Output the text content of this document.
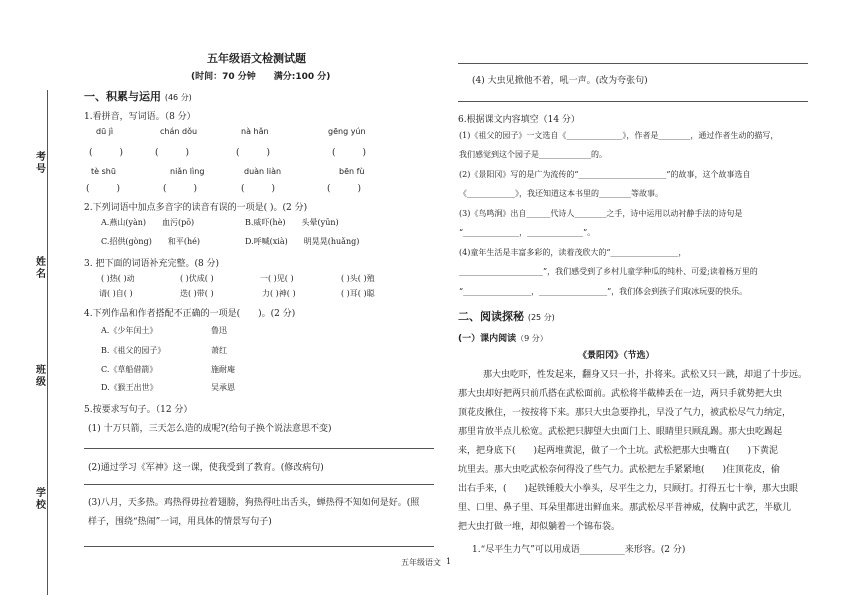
考号
姓名
班级
学校
五年级语文检测试题
(时间：70 分钟　　满分:100 分)
一、积累与运用 (46 分)
1.看拼音，写词语。（8 分）
dū jì	chán dǒu	nà hǎn	gēng yún
(　　　)	(　　　)	(　　　)	(　　　)
tè shū	niǎn lìng	duàn liàn	bēn fù
(　　　)	(　　　)	(　　　)	(　　　)
2.下列词语中加点多音字的读音有误的一项是( )。(2 分)
A.燕山(yàn)　　血污(pō)	B.威吓(hè)　　头晕(yūn)
C.招供(gòng)　　和平(hé)	D.呼喊(xià)　　明晃晃(huǎng)
3. 把下面的词语补充完整。(8 分)
( )热( )动	( )伏成( )	一( )见( )	( )头( )殖
请( )自( )	迭( )带( )	力( )神( )	( )耳( )聪
4.下列作品和作者搭配不正确的一项是(　　)。(2 分)
A.《少年闰土》	鲁迅
B.《祖父的园子》	萧红
C.《草船借箭》	施耐庵
D.《猴王出世》	吴承恩
5.按要求写句子。（12 分）
(1) 十万只箭，三天怎么造的成呢?(给句子换个说法意思不变)
(2)通过学习《军神》这一课，使我受到了教育。(修改病句)
(3)八月，天多热。鸡热得毋拉着翅膀，狗热得吐出舌头，蝉热得不知如何是好。(照
样子，围绕“热闹”一词，用具体的情景写句子)
(4) 大虫见掀他不着，吼一声。(改为夸张句)
6.根据课文内容填空（14 分）
(1)《祖父的园子》一文选自《______________》，作者是________，通过作者生动的描写，
我们感觉到这个园子是_____________的。
(2)《景阳冈》写的是广为流传的“______________________”的故事，这个故事选自
《____________》，我还知道这本书里的________等故事。
(3)《鸟鸣涧》出自______代诗人________之手，诗中运用以动衬静手法的诗句是
“______________，______________”。
(4)童年生活是丰富多彩的，读着茂欣大的“_________________，
_____________________”，我们感受到了乡村儿童学种瓜的纯朴、可爱;读着杨万里的
“_________________，_________________”，我们体会到孩子们取冰玩耍的快乐。
二、阅读探秘 (25 分)
(一）课内阅读（9 分）
《景阳冈》（节选）
那大虫吃吓，性发起来，翻身又只一扑，扑将来。武松又只一跳，却退了十步远。
那大虫却好把两只前爪搭在武松面前。武松将半截棒丢在一边，两只手就势把大虫
顶花皮揪住，一按按将下来。那只大虫急要挣扎，早没了气力，被武松尽气力纳定，
那里肯放半点儿松宽。武松把只脚望大虫面门上、眼睛里只顾乱踢。那大虫吃踢起
来，把身底下(　　)起两堆黄泥，做了一个土坑。武松把那大虫嘴直(　　)下黄泥
坑里去。那大虫吃武松奈何得没了些气力。武松把左手紧紧地(　　)住顶花皮，偷
出右手来，(　　)起铁锤般大小拳头，尽平生之力，只顾打。打得五七十拳，那大虫眼
里、口里、鼻子里、耳朵里都迸出鲜血来。那武松尽平昔神威，仗胸中武艺，半歇儿
把大虫打做一堆，却似躺着一个锦布袋。
1.“尽平生力气”可以用成语__________来形容。(2 分)
五年级语文 1
